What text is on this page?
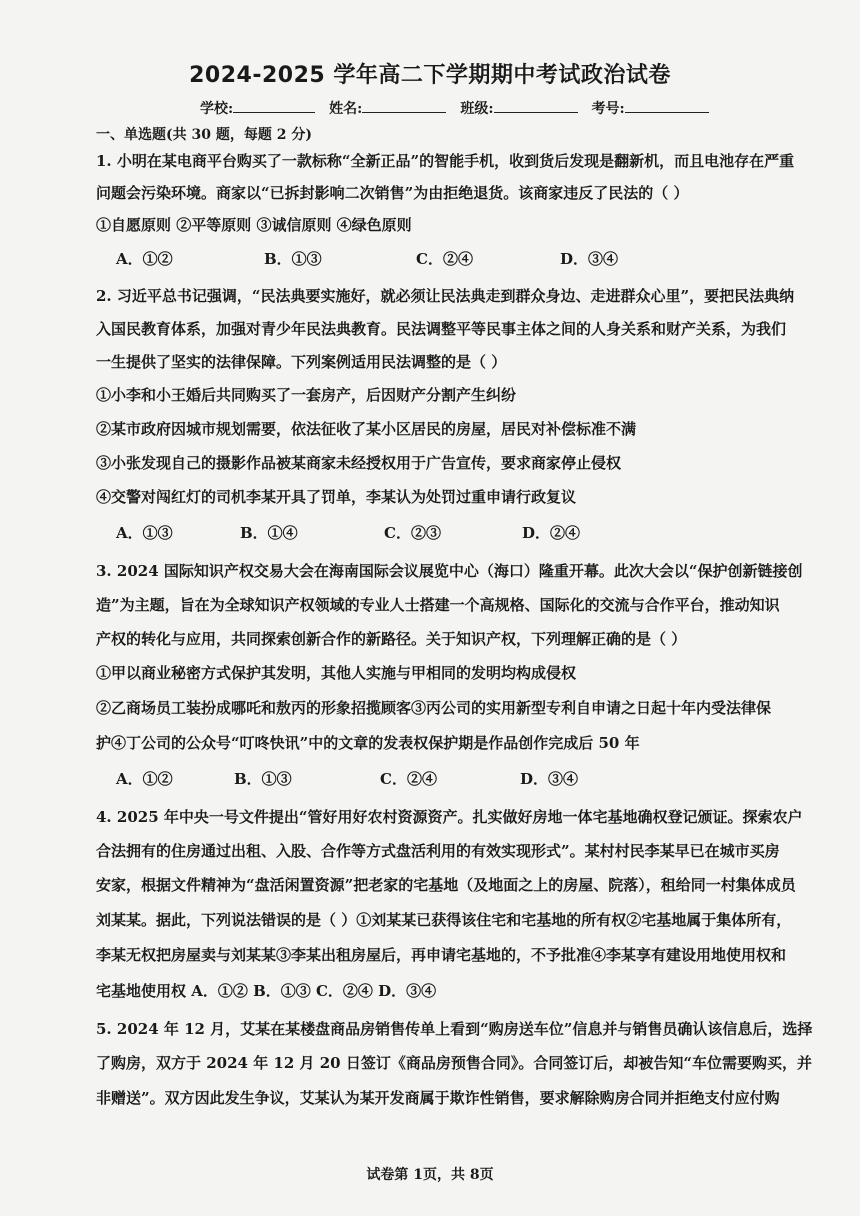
2024-2025 学年高二下学期期中考试政治试卷
学校:	姓名:	班级:	考号:
一、单选题(共 30 题，每题 2 分)
1. 小明在某电商平台购买了一款标称“全新正品”的智能手机，收到货后发现是翻新机，而且电池存在严重
问题会污染环境。商家以“已拆封影响二次销售”为由拒绝退货。该商家违反了民法的（ ）
①自愿原则 ②平等原则 ③诚信原则 ④绿色原则
A．①②	B．①③	C．②④	D．③④
2. 习近平总书记强调，“民法典要实施好，就必须让民法典走到群众身边、走进群众心里”，要把民法典纳
入国民教育体系，加强对青少年民法典教育。民法调整平等民事主体之间的人身关系和财产关系，为我们
一生提供了坚实的法律保障。下列案例适用民法调整的是（ ）
①小李和小王婚后共同购买了一套房产，后因财产分割产生纠纷
②某市政府因城市规划需要，依法征收了某小区居民的房屋，居民对补偿标准不满
③小张发现自己的摄影作品被某商家未经授权用于广告宣传，要求商家停止侵权
④交警对闯红灯的司机李某开具了罚单，李某认为处罚过重申请行政复议
A．①③	B．①④	C．②③	D．②④
3. 2024 国际知识产权交易大会在海南国际会议展览中心（海口）隆重开幕。此次大会以“保护创新链接创
造”为主题，旨在为全球知识产权领域的专业人士搭建一个高规格、国际化的交流与合作平台，推动知识
产权的转化与应用，共同探索创新合作的新路径。关于知识产权，下列理解正确的是（ ）
①甲以商业秘密方式保护其发明，其他人实施与甲相同的发明均构成侵权
②乙商场员工装扮成哪吒和敖丙的形象招揽顾客③丙公司的实用新型专利自申请之日起十年内受法律保
护④丁公司的公众号“叮咚快讯”中的文章的发表权保护期是作品创作完成后 50 年
A．①②	B．①③	C．②④	D．③④
4. 2025 年中央一号文件提出“管好用好农村资源资产。扎实做好房地一体宅基地确权登记颁证。探索农户
合法拥有的住房通过出租、入股、合作等方式盘活利用的有效实现形式”。某村村民李某早已在城市买房
安家，根据文件精神为“盘活闲置资源”把老家的宅基地（及地面之上的房屋、院落），租给同一村集体成员
刘某某。据此，下列说法错误的是（ ）①刘某某已获得该住宅和宅基地的所有权②宅基地属于集体所有，
李某无权把房屋卖与刘某某③李某出租房屋后，再申请宅基地的，不予批准④李某享有建设用地使用权和
宅基地使用权 A．①② B．①③ C．②④ D．③④
5. 2024 年 12 月，艾某在某楼盘商品房销售传单上看到“购房送车位”信息并与销售员确认该信息后，选择
了购房，双方于 2024 年 12 月 20 日签订《商品房预售合同》。合同签订后，却被告知“车位需要购买，并
非赠送”。双方因此发生争议，艾某认为某开发商属于欺诈性销售，要求解除购房合同并拒绝支付应付购
试卷第 1页，共 8页
